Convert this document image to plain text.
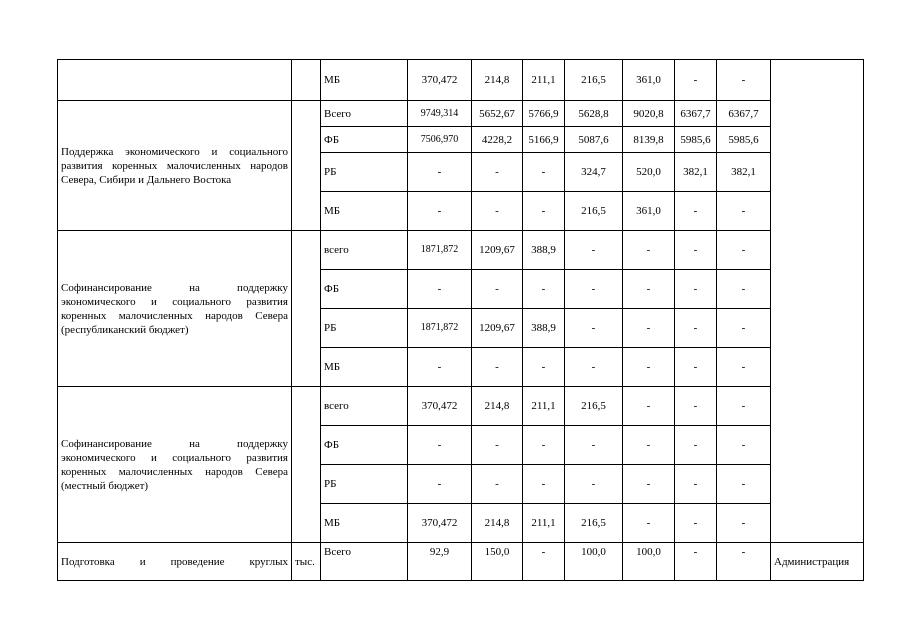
		МБ	370,472	214,8	211,1	216,5	361,0	-	-	
Поддержка экономического и социального развития коренных малочисленных народов Севера, Сибири и Дальнего Востока		Всего	9749,314	5652,67	5766,9	5628,8	9020,8	6367,7	6367,7	
		ФБ	7506,970	4228,2	5166,9	5087,6	8139,8	5985,6	5985,6	
		РБ	-	-	-	324,7	520,0	382,1	382,1	
		МБ	-	-	-	216,5	361,0	-	-	
Софинансирование на поддержку экономического и социального развития коренных малочисленных народов Севера (республиканский бюджет)		всего	1871,872	1209,67	388,9	-	-	-	-	
		ФБ	-	-	-	-	-	-	-	
		РБ	1871,872	1209,67	388,9	-	-	-	-	
		МБ	-	-	-	-	-	-	-	
Софинансирование на поддержку экономического и социального развития коренных малочисленных народов Севера (местный бюджет)		всего	370,472	214,8	211,1	216,5	-	-	-	
		ФБ	-	-	-	-	-	-	-	
		РБ	-	-	-	-	-	-	-	
		МБ	370,472	214,8	211,1	216,5	-	-	-	
Подготовка и проведение круглых	тыс.	Всего	92,9	150,0	-	100,0	100,0	-	-	Администрация
